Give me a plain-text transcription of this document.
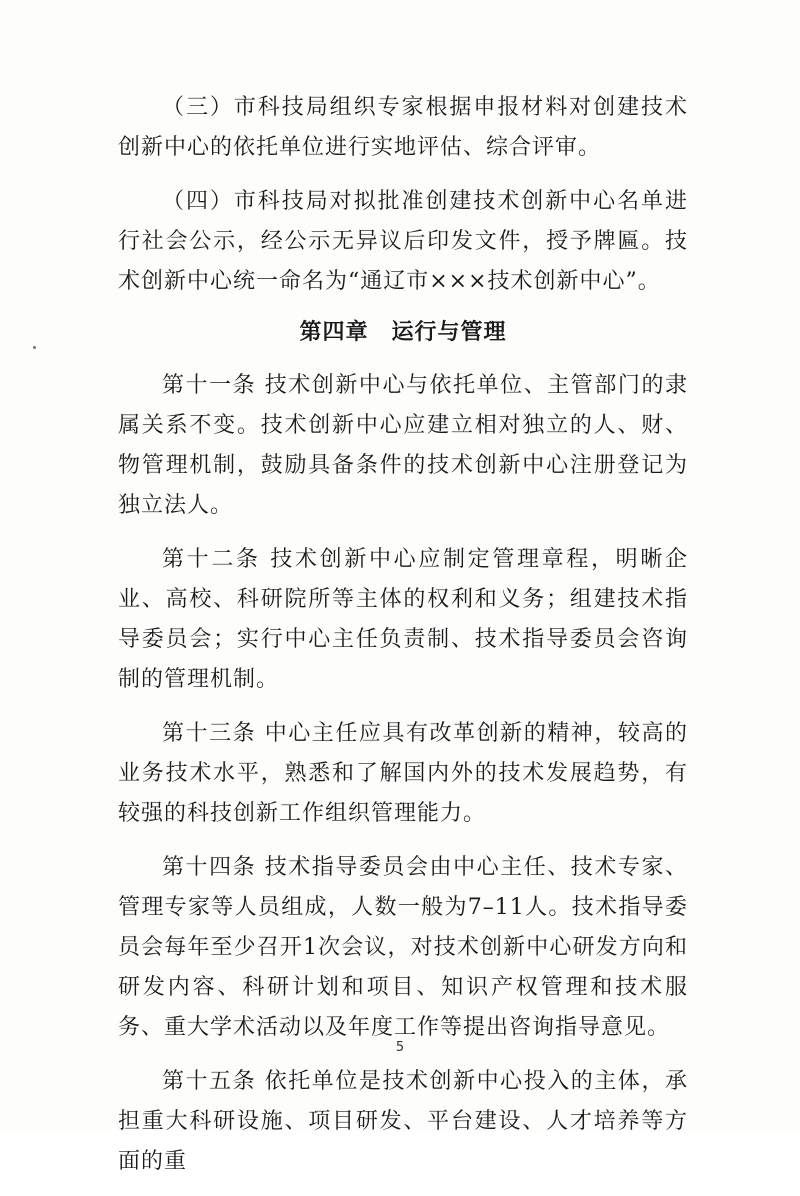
（三）市科技局组织专家根据申报材料对创建技术创新中心的依托单位进行实地评估、综合评审。

（四）市科技局对拟批准创建技术创新中心名单进行社会公示，经公示无异议后印发文件，授予牌匾。技术创新中心统一命名为“通辽市×××技术创新中心”。

第四章　运行与管理

第十一条 技术创新中心与依托单位、主管部门的隶属关系不变。技术创新中心应建立相对独立的人、财、物管理机制，鼓励具备条件的技术创新中心注册登记为独立法人。

第十二条 技术创新中心应制定管理章程，明晰企业、高校、科研院所等主体的权利和义务；组建技术指导委员会；实行中心主任负责制、技术指导委员会咨询制的管理机制。

第十三条 中心主任应具有改革创新的精神，较高的业务技术水平，熟悉和了解国内外的技术发展趋势，有较强的科技创新工作组织管理能力。

第十四条 技术指导委员会由中心主任、技术专家、管理专家等人员组成，人数一般为7–11人。技术指导委员会每年至少召开1次会议，对技术创新中心研发方向和研发内容、科研计划和项目、知识产权管理和技术服务、重大学术活动以及年度工作等提出咨询指导意见。

第十五条 依托单位是技术创新中心投入的主体，承担重大科研设施、项目研发、平台建设、人才培养等方面的重

5
